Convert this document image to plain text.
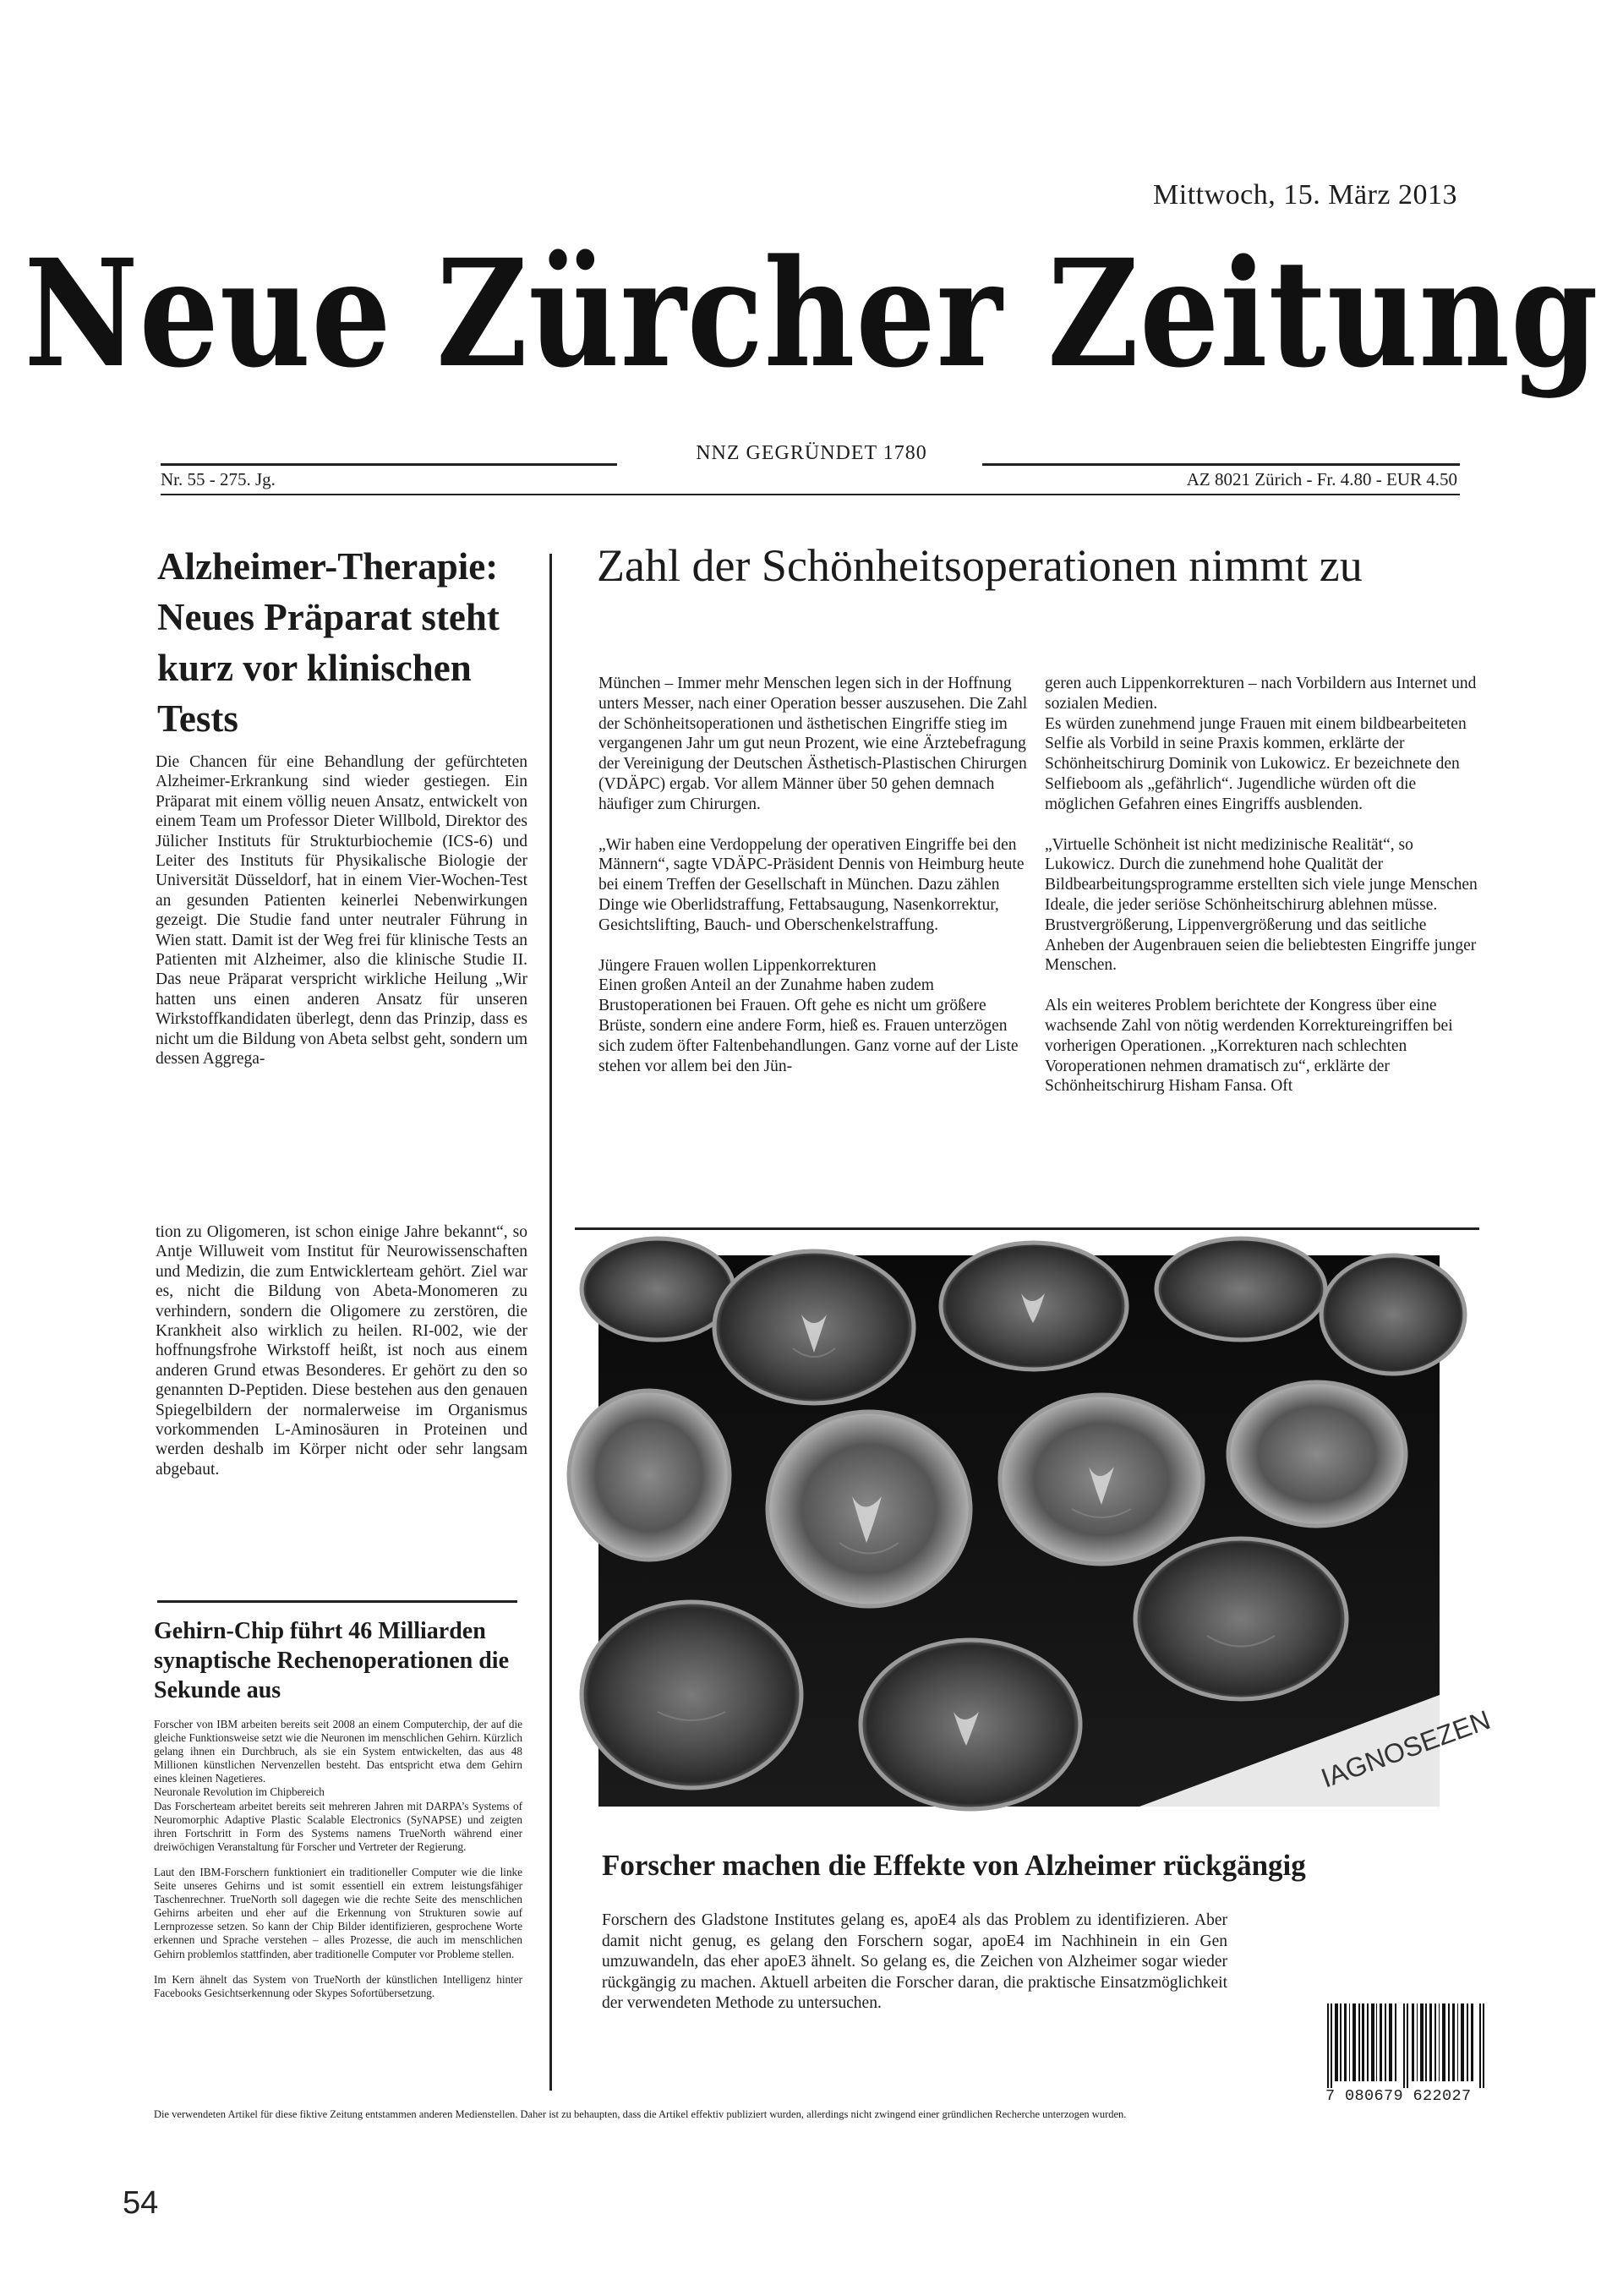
Mittwoch, 15. März 2013
Neue Zürcher Zeitung
NNZ GEGRÜNDET 1780
Nr. 55 - 275. Jg.	AZ 8021 Zürich - Fr. 4.80 - EUR 4.50
Alzheimer-Therapie: Neues Präparat steht kurz vor klinischen Tests

Die Chancen für eine Behandlung der gefürchteten Alzheimer-Erkrankung sind wieder gestiegen. Ein Präparat mit einem völlig neuen Ansatz, entwickelt von einem Team um Professor Dieter Willbold, Direktor des Jülicher Instituts für Strukturbiochemie (ICS-6) und Leiter des Instituts für Physikalische Biologie der Universität Düsseldorf, hat in einem Vier-Wochen-Test an gesunden Patienten keinerlei Nebenwirkungen gezeigt. Die Studie fand unter neutraler Führung in Wien statt. Damit ist der Weg frei für klinische Tests an Patienten mit Alzheimer, also die klinische Studie II. Das neue Präparat verspricht wirkliche Heilung „Wir hatten uns einen anderen Ansatz für unseren Wirkstoffkandidaten überlegt, denn das Prinzip, dass es nicht um die Bildung von Abeta selbst geht, sondern um dessen Aggrega-

tion zu Oligomeren, ist schon einige Jahre bekannt“, so Antje Willuweit vom Institut für Neurowissenschaften und Medizin, die zum Entwicklerteam gehört. Ziel war es, nicht die Bildung von Abeta-Monomeren zu verhindern, sondern die Oligomere zu zerstören, die Krankheit also wirklich zu heilen. RI-002, wie der hoffnungsfrohe Wirkstoff heißt, ist noch aus einem anderen Grund etwas Besonderes. Er gehört zu den so genannten D-Peptiden. Diese bestehen aus den genauen Spiegelbildern der normalerweise im Organismus vorkommenden L-Aminosäuren in Proteinen und werden deshalb im Körper nicht oder sehr langsam abgebaut.

Gehirn-Chip führt 46 Milliarden synaptische Rechenoperationen die Sekunde aus

Forscher von IBM arbeiten bereits seit 2008 an einem Computerchip, der auf die gleiche Funktionsweise setzt wie die Neuronen im menschlichen Gehirn. Kürzlich gelang ihnen ein Durchbruch, als sie ein System entwickelten, das aus 48 Millionen künstlichen Nervenzellen besteht. Das entspricht etwa dem Gehirn eines kleinen Nagetieres.

Neuronale Revolution im Chipbereich

Das Forscherteam arbeitet bereits seit mehreren Jahren mit DARPA’s Systems of Neuromorphic Adaptive Plastic Scalable Electronics (SyNAPSE) und zeigten ihren Fortschritt in Form des Systems namens TrueNorth während einer dreiwöchigen Veranstaltung für Forscher und Vertreter der Regierung.

Laut den IBM-Forschern funktioniert ein traditioneller Computer wie die linke Seite unseres Gehirns und ist somit essentiell ein extrem leistungsfähiger Taschenrechner. TrueNorth soll dagegen wie die rechte Seite des menschlichen Gehirns arbeiten und eher auf die Erkennung von Strukturen sowie auf Lernprozesse setzen. So kann der Chip Bilder identifizieren, gesprochene Worte erkennen und Sprache verstehen – alles Prozesse, die auch im menschlichen Gehirn problemlos stattfinden, aber traditionelle Computer vor Probleme stellen.

Im Kern ähnelt das System von TrueNorth der künstlichen Intelligenz hinter Facebooks Gesichtserkennung oder Skypes Sofortübersetzung.

Zahl der Schönheitsoperationen nimmt zu

München – Immer mehr Menschen legen sich in der Hoffnung unters Messer, nach einer Operation besser auszusehen. Die Zahl der Schönheitsoperationen und ästhetischen Eingriffe stieg im vergangenen Jahr um gut neun Prozent, wie eine Ärztebefragung der Vereinigung der Deutschen Ästhetisch-Plastischen Chirurgen (VDÄPC) ergab. Vor allem Männer über 50 gehen demnach häufiger zum Chirurgen.

„Wir haben eine Verdoppelung der operativen Eingriffe bei den Männern“, sagte VDÄPC-Präsident Dennis von Heimburg heute bei einem Treffen der Gesellschaft in München. Dazu zählen Dinge wie Oberlidstraffung, Fettabsaugung, Nasenkorrektur, Gesichtslifting, Bauch- und Oberschenkelstraffung.

Jüngere Frauen wollen Lippenkorrekturen

Einen großen Anteil an der Zunahme haben zudem Brustoperationen bei Frauen. Oft gehe es nicht um größere Brüste, sondern eine andere Form, hieß es. Frauen unterzögen sich zudem öfter Faltenbehandlungen. Ganz vorne auf der Liste stehen vor allem bei den Jün-

geren auch Lippenkorrekturen – nach Vorbildern aus Internet und sozialen Medien.

Es würden zunehmend junge Frauen mit einem bildbearbeiteten Selfie als Vorbild in seine Praxis kommen, erklärte der Schönheitschirurg Dominik von Lukowicz. Er bezeichnete den Selfieboom als „gefährlich“. Jugendliche würden oft die möglichen Gefahren eines Eingriffs ausblenden.

„Virtuelle Schönheit ist nicht medizinische Realität“, so Lukowicz. Durch die zunehmend hohe Qualität der Bildbearbeitungsprogramme erstellten sich viele junge Menschen Ideale, die jeder seriöse Schönheitschirurg ablehnen müsse. Brustvergrößerung, Lippenvergrößerung und das seitliche Anheben der Augenbrauen seien die beliebtesten Eingriffe junger Menschen.

Als ein weiteres Problem berichtete der Kongress über eine wachsende Zahl von nötig werdenden Korrektureingriffen bei vorherigen Operationen. „Korrekturen nach schlechten Voroperationen nehmen dramatisch zu“, erklärte der Schönheitschirurg Hisham Fansa. Oft

IAGNOSEZEN
Forscher machen die Effekte von Alzheimer rückgängig

Forschern des Gladstone Institutes gelang es, apoE4 als das Problem zu identifizieren. Aber damit nicht genug, es gelang den Forschern sogar, apoE4 im Nachhinein in ein Gen umzuwandeln, das eher apoE3 ähnelt. So gelang es, die Zeichen von Alzheimer sogar wieder rückgängig zu machen. Aktuell arbeiten die Forscher daran, die praktische Einsatzmöglichkeit der verwendeten Methode zu untersuchen.

7 080679 622027
Die verwendeten Artikel für diese fiktive Zeitung entstammen anderen Medienstellen. Daher ist zu behaupten, dass die Artikel effektiv publiziert wurden, allerdings nicht zwingend einer gründlichen Recherche unterzogen wurden.
54
